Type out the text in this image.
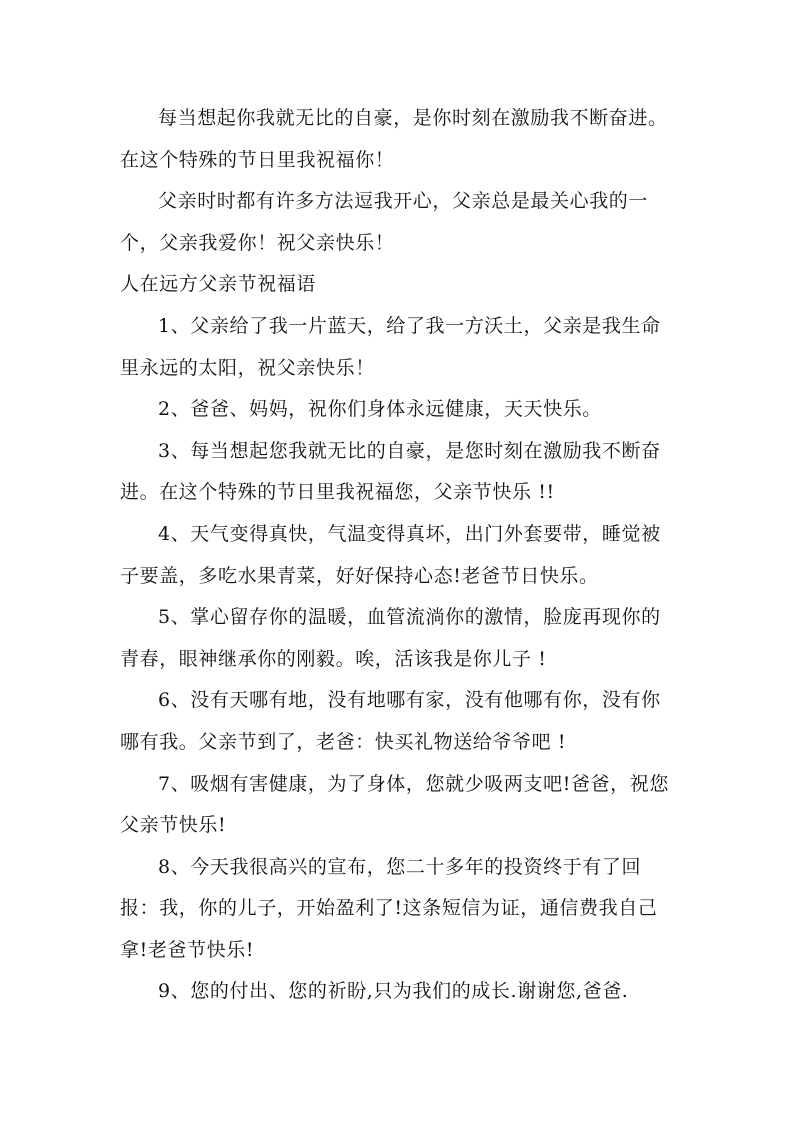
每当想起你我就无比的自豪，是你时刻在激励我不断奋进。在这个特殊的节日里我祝福你！

父亲时时都有许多方法逗我开心，父亲总是最关心我的一个，父亲我爱你！祝父亲快乐！

人在远方父亲节祝福语

1、父亲给了我一片蓝天，给了我一方沃土，父亲是我生命里永远的太阳，祝父亲快乐！

2、爸爸、妈妈，祝你们身体永远健康，天天快乐。

3、每当想起您我就无比的自豪，是您时刻在激励我不断奋进。在这个特殊的节日里我祝福您，父亲节快乐 !!

4、天气变得真快，气温变得真坏，出门外套要带，睡觉被子要盖，多吃水果青菜，好好保持心态!老爸节日快乐。

5、掌心留存你的温暖，血管流淌你的激情，脸庞再现你的青春，眼神继承你的刚毅。唉，活该我是你儿子 !

6、没有天哪有地，没有地哪有家，没有他哪有你，没有你哪有我。父亲节到了，老爸：快买礼物送给爷爷吧 !

7、吸烟有害健康，为了身体，您就少吸两支吧!爸爸，祝您父亲节快乐!

8、今天我很高兴的宣布，您二十多年的投资终于有了回报：我，你的儿子，开始盈利了!这条短信为证，通信费我自己拿!老爸节快乐!

9、您的付出、您的祈盼,只为我们的成长.谢谢您,爸爸.
